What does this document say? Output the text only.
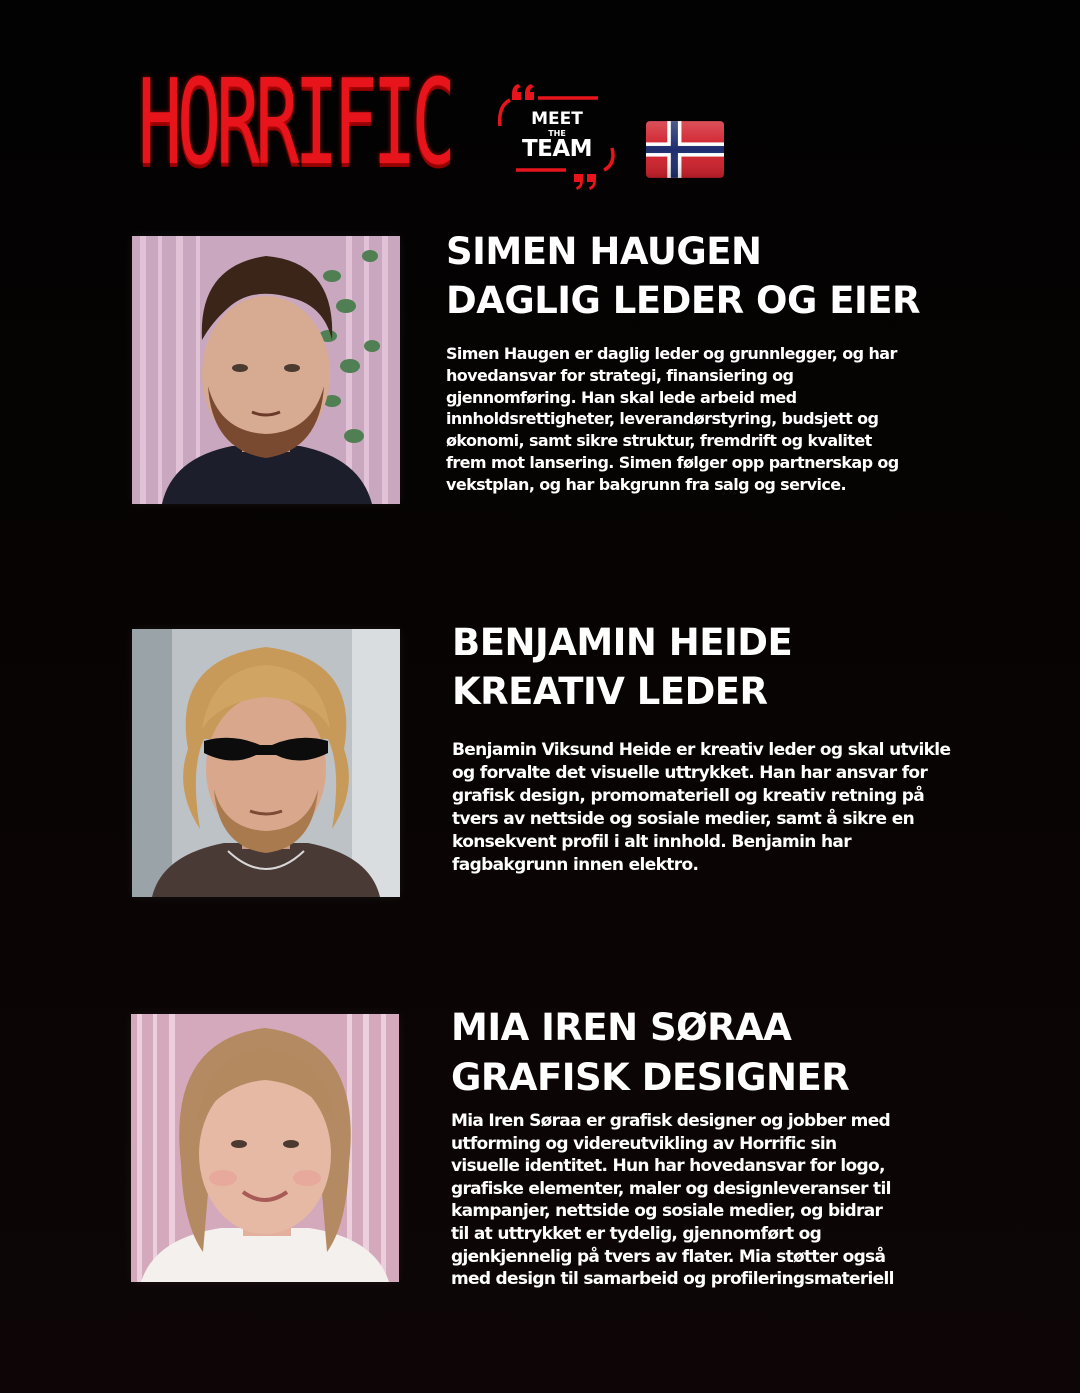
HORRIFIC	MEET
THE
TEAM
SIMEN HAUGEN
DAGLIG LEDER OG EIER
Simen Haugen er daglig leder og grunnlegger, og har
hovedansvar for strategi, finansiering og
gjennomføring. Han skal lede arbeid med
innholdsrettigheter, leverandørstyring, budsjett og
økonomi, samt sikre struktur, fremdrift og kvalitet
frem mot lansering. Simen følger opp partnerskap og
vekstplan, og har bakgrunn fra salg og service.
BENJAMIN HEIDE
KREATIV LEDER
Benjamin Viksund Heide er kreativ leder og skal utvikle
og forvalte det visuelle uttrykket. Han har ansvar for
grafisk design, promomateriell og kreativ retning på
tvers av nettside og sosiale medier, samt å sikre en
konsekvent profil i alt innhold. Benjamin har
fagbakgrunn innen elektro.
MIA IREN SØRAA
GRAFISK DESIGNER
Mia Iren Søraa er grafisk designer og jobber med
utforming og videreutvikling av Horrific sin
visuelle identitet. Hun har hovedansvar for logo,
grafiske elementer, maler og designleveranser til
kampanjer, nettside og sosiale medier, og bidrar
til at uttrykket er tydelig, gjennomført og
gjenkjennelig på tvers av flater. Mia støtter også
med design til samarbeid og profileringsmateriell
